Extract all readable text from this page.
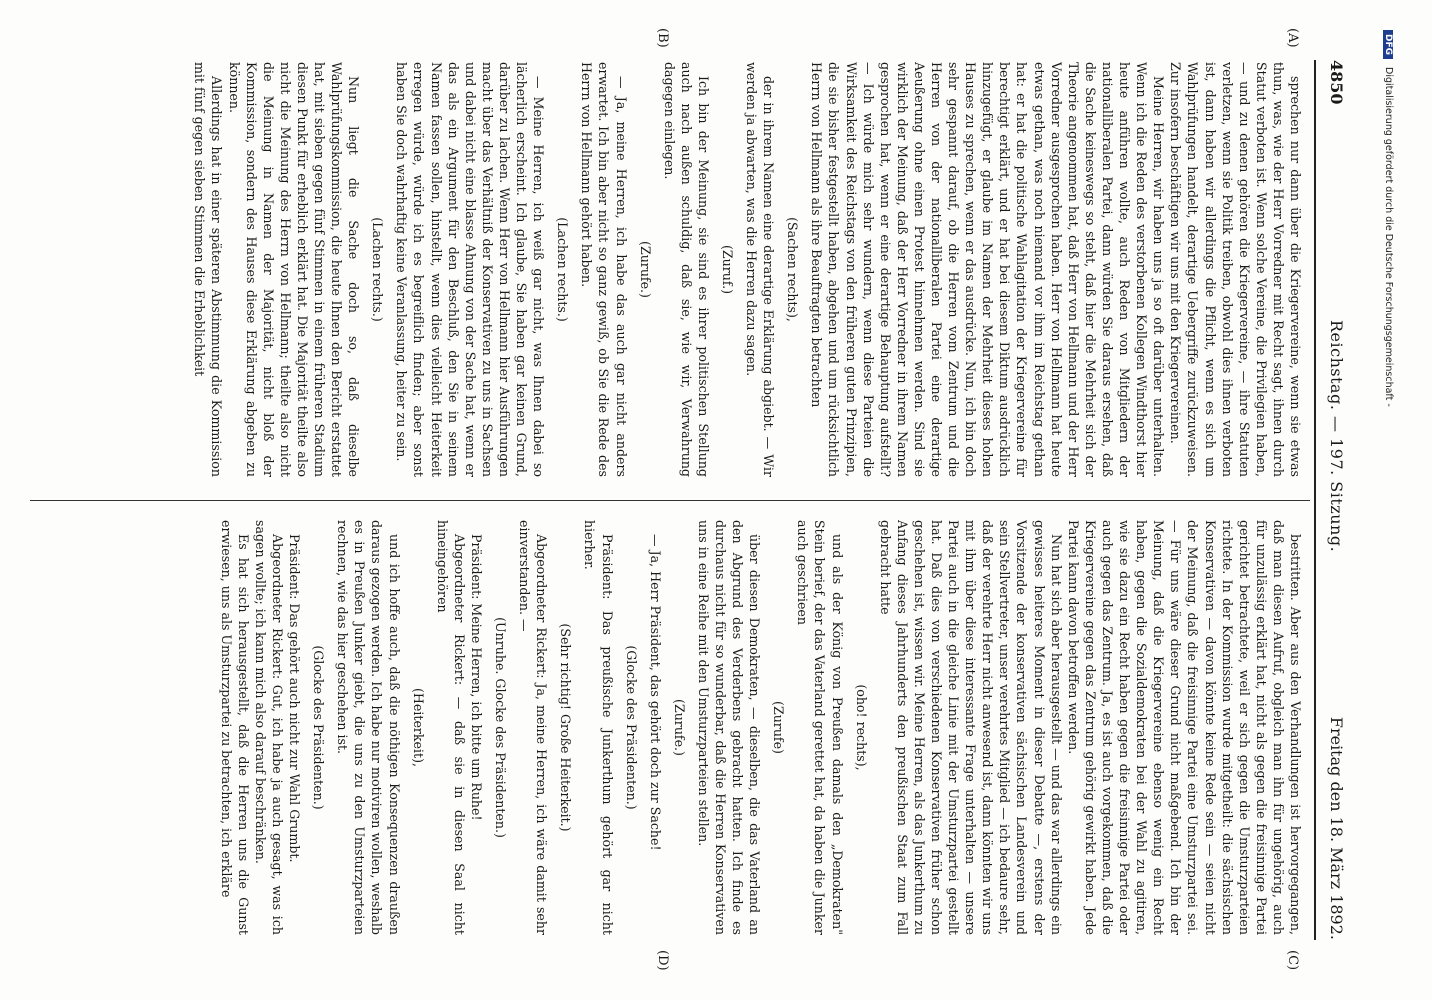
4850
Reichstag. — 197. Sitzung.
Freitag den 18. März 1892.
(A)
(B)
(C)
(D)

sprechen nur dann über die Kriegervereine, wenn sie etwas thun, was, wie der Herr Vorredner mit Recht sagt, ihnen durch Statut verboten ist. Wenn solche Vereine, die Privilegien haben, — und zu denen gehören die Kriegervereine, — ihre Statuten verletzen, wenn sie Politik treiben, obwohl dies ihnen verboten ist, dann haben wir allerdings die Pflicht, wenn es sich um Wahlprüfungen handelt, derartige Uebergriffe zurückzuweisen. Zur insofern beschäftigen wir uns mit den Kriegervereinen.

Meine Herren, wir haben uns ja so oft darüber unterhalten. Wenn ich die Reden des verstorbenen Kollegen Windthorst hier heute anführen wollte, auch Reden von Mitgliedern der nationalliberalen Partei, dann würden Sie daraus ersehen, daß die Sache keineswegs so steht, daß hier die Mehrheit sich der Theorie angenommen hat, daß Herr von Hellmann und der Herr Vorredner ausgesprochen haben. Herr von Hellmann hat heute etwas gethan, was noch niemand vor ihm im Reichstag gethan hat: er hat die politische Wahlagitation der Kriegervereine für berechtigt erklärt, und er hat bei diesem Diktum ausdrücklich hinzugefügt, er glaube im Namen der Mehrheit dieses hohen Hauses zu sprechen, wenn er das ausdrücke. Nun, ich bin doch sehr gespannt darauf, ob die Herren vom Zentrum und die Herren von der nationalliberalen Partei eine derartige Aeußerung ohne einen Protest hinnehmen werden. Sind sie wirklich der Meinung, daß der Herr Vorredner in ihrem Namen gesprochen hat, wenn er eine derartige Behauptung aufstellt? — Ich würde mich sehr wundern, wenn diese Parteien die Wirksamkeit des Reichstags von den früheren guten Prinzipien, die sie bisher festgestellt haben, abgehen und um rücksichtlich Herrn von Hellmann als ihre Beauftragten betrachten

(Sachen rechts),

der in ihrem Namen eine derartige Erklärung abgiebt. — Wir werden ja abwarten, was die Herren dazu sagen.

(Zuruf.)

Ich bin der Meinung, sie sind es ihrer politischen Stellung auch nach außen schuldig, daß sie, wie wir, Verwahrung dagegen einlegen.

(Zurufe.)

— Ja, meine Herren, ich habe das auch gar nicht anders erwartet. Ich bin aber nicht so ganz gewiß, ob Sie die Rede des Herrn von Hellmann gehört haben.

(Lachen rechts.)

— Meine Herren, ich weiß gar nicht, was Ihnen dabei so lächerlich erscheint. Ich glaube, Sie haben gar keinen Grund, darüber zu lachen. Wenn Herr von Hellmann hier Ausführungen macht über das Verhältniß der Konservativen zu uns in Sachsen und dabei nicht eine blasse Ahnung von der Sache hat, wenn er das als ein Argument für den Beschluß, den Sie in seinem Namen fassen sollen, hinstellt, wenn dies vielleicht Heiterkeit erregen würde, würde ich es begreiflich finden; aber sonst haben Sie doch wahrhaftig keine Veranlassung, heiter zu sein.

(Lachen rechts.)

Nun liegt die Sache doch so, daß dieselbe Wahlprüfungskommission, die heute Ihnen den Bericht erstattet hat, mit sieben gegen fünf Stimmen in einem früheren Stadium diesen Punkt für erheblich erklärt hat. Die Majorität theilte also nicht die Meinung des Herrn von Hellmann; theilte also nicht die Meinung in Namen der Majorität, nicht bloß der Kommission, sondern des Hauses diese Erklärung abgeben zu können.

Allerdings hat in einer späteren Abstimmung die Kommission mit fünf gegen sieben Stimmen die Erheblichkeit

bestritten. Aber aus den Verhandlungen ist hervorgegangen, daß man diesen Aufruf, obgleich man ihn für ungehörig, auch für unzulässig erklärt hat, nicht als gegen die freisinnige Partei gerichtet betrachtete, weil er sich gegen die Umsturzparteien richtete. In der Kommission wurde mitgetheilt: die sächsischen Konservativen — davon könnte keine Rede sein — seien nicht der Meinung, daß die freisinnige Partei eine Umsturzpartei sei. — Für uns wäre dieser Grund nicht maßgebend. Ich bin der Meinung, daß die Kriegervereine ebenso wenig ein Recht haben, gegen die Sozialdemokraten bei der Wahl zu agitiren, wie sie dazu ein Recht haben gegen die freisinnige Partei oder auch gegen das Zentrum. Ja, es ist auch vorgekommen, daß die Kriegervereine gegen das Zentrum gehörig gewirkt haben. Jede Partei kann davon betroffen werden.

Nun hat sich aber herausgestellt — und das war allerdings ein gewisses heiteres Moment in dieser Debatte —, erstens der Vorsitzende der konservativen sächsischen Landesverein und sein Stellvertreter, unser verehrtes Mitglied — ich bedaure sehr, daß der verehrte Herr nicht anwesend ist, dann könnten wir uns mit ihm über diese interessante Frage unterhalten — unsere Partei auch in die gleiche Linie mit der Umsturzpartei gestellt hat. Daß dies von verschiedenen Konservativen früher schon geschehen ist, wissen wir. Meine Herren, als das Junkerthum zu Anfang dieses Jahrhunderts den preußischen Staat zum Fall gebracht hatte

(oho! rechts),

und als der König von Preußen damals den „Demokraten" Stein berief, der das Vaterland gerettet hat, da haben die Junker auch geschrieen

(Zurufe)

über diesen Demokraten, — dieselben, die das Vaterland an den Abgrund des Verderbens gebracht hatten. Ich finde es durchaus nicht für so wunderbar, daß die Herren Konservativen uns in eine Reihe mit den Umsturzparteien stellen.

(Zurufe.)

— Ja, Herr Präsident, das gehört doch zur Sache!

(Glocke des Präsidenten.)

Präsident: Das preußische Junkerthum gehört gar nicht hierher.

(Sehr richtig! Große Heiterkeit.)

Abgeordneter Rickert: Ja, meine Herren, ich wäre damit sehr einverstanden. —

(Unruhe. Glocke des Präsidenten.)

Präsident: Meine Herren, ich bitte um Ruhe!

Abgeordneter Rickert: — daß sie in diesen Saal nicht hineingehören

(Heiterkeit),

und ich hoffe auch, daß die nöthigen Konsequenzen draußen daraus gezogen werden. Ich habe nur motiviren wollen, weshalb es in Preußen Junker giebt, die uns zu den Umsturzparteien rechnen, wie das hier geschehen ist.

(Glocke des Präsidenten.)

Präsident: Das gehört auch nicht zur Wahl Grumbt.

Abgeordneter Rickert: Gut, ich habe ja auch gesagt, was ich sagen wollte; ich kann mich also darauf beschränken.

Es hat sich herausgestellt, daß die Herren uns die Gunst erwiesen, uns als Umsturzpartei zu betrachten, ich erkläre

DFGDigitalisierung gefördert durch die Deutsche Forschungsgemeinschaft -
